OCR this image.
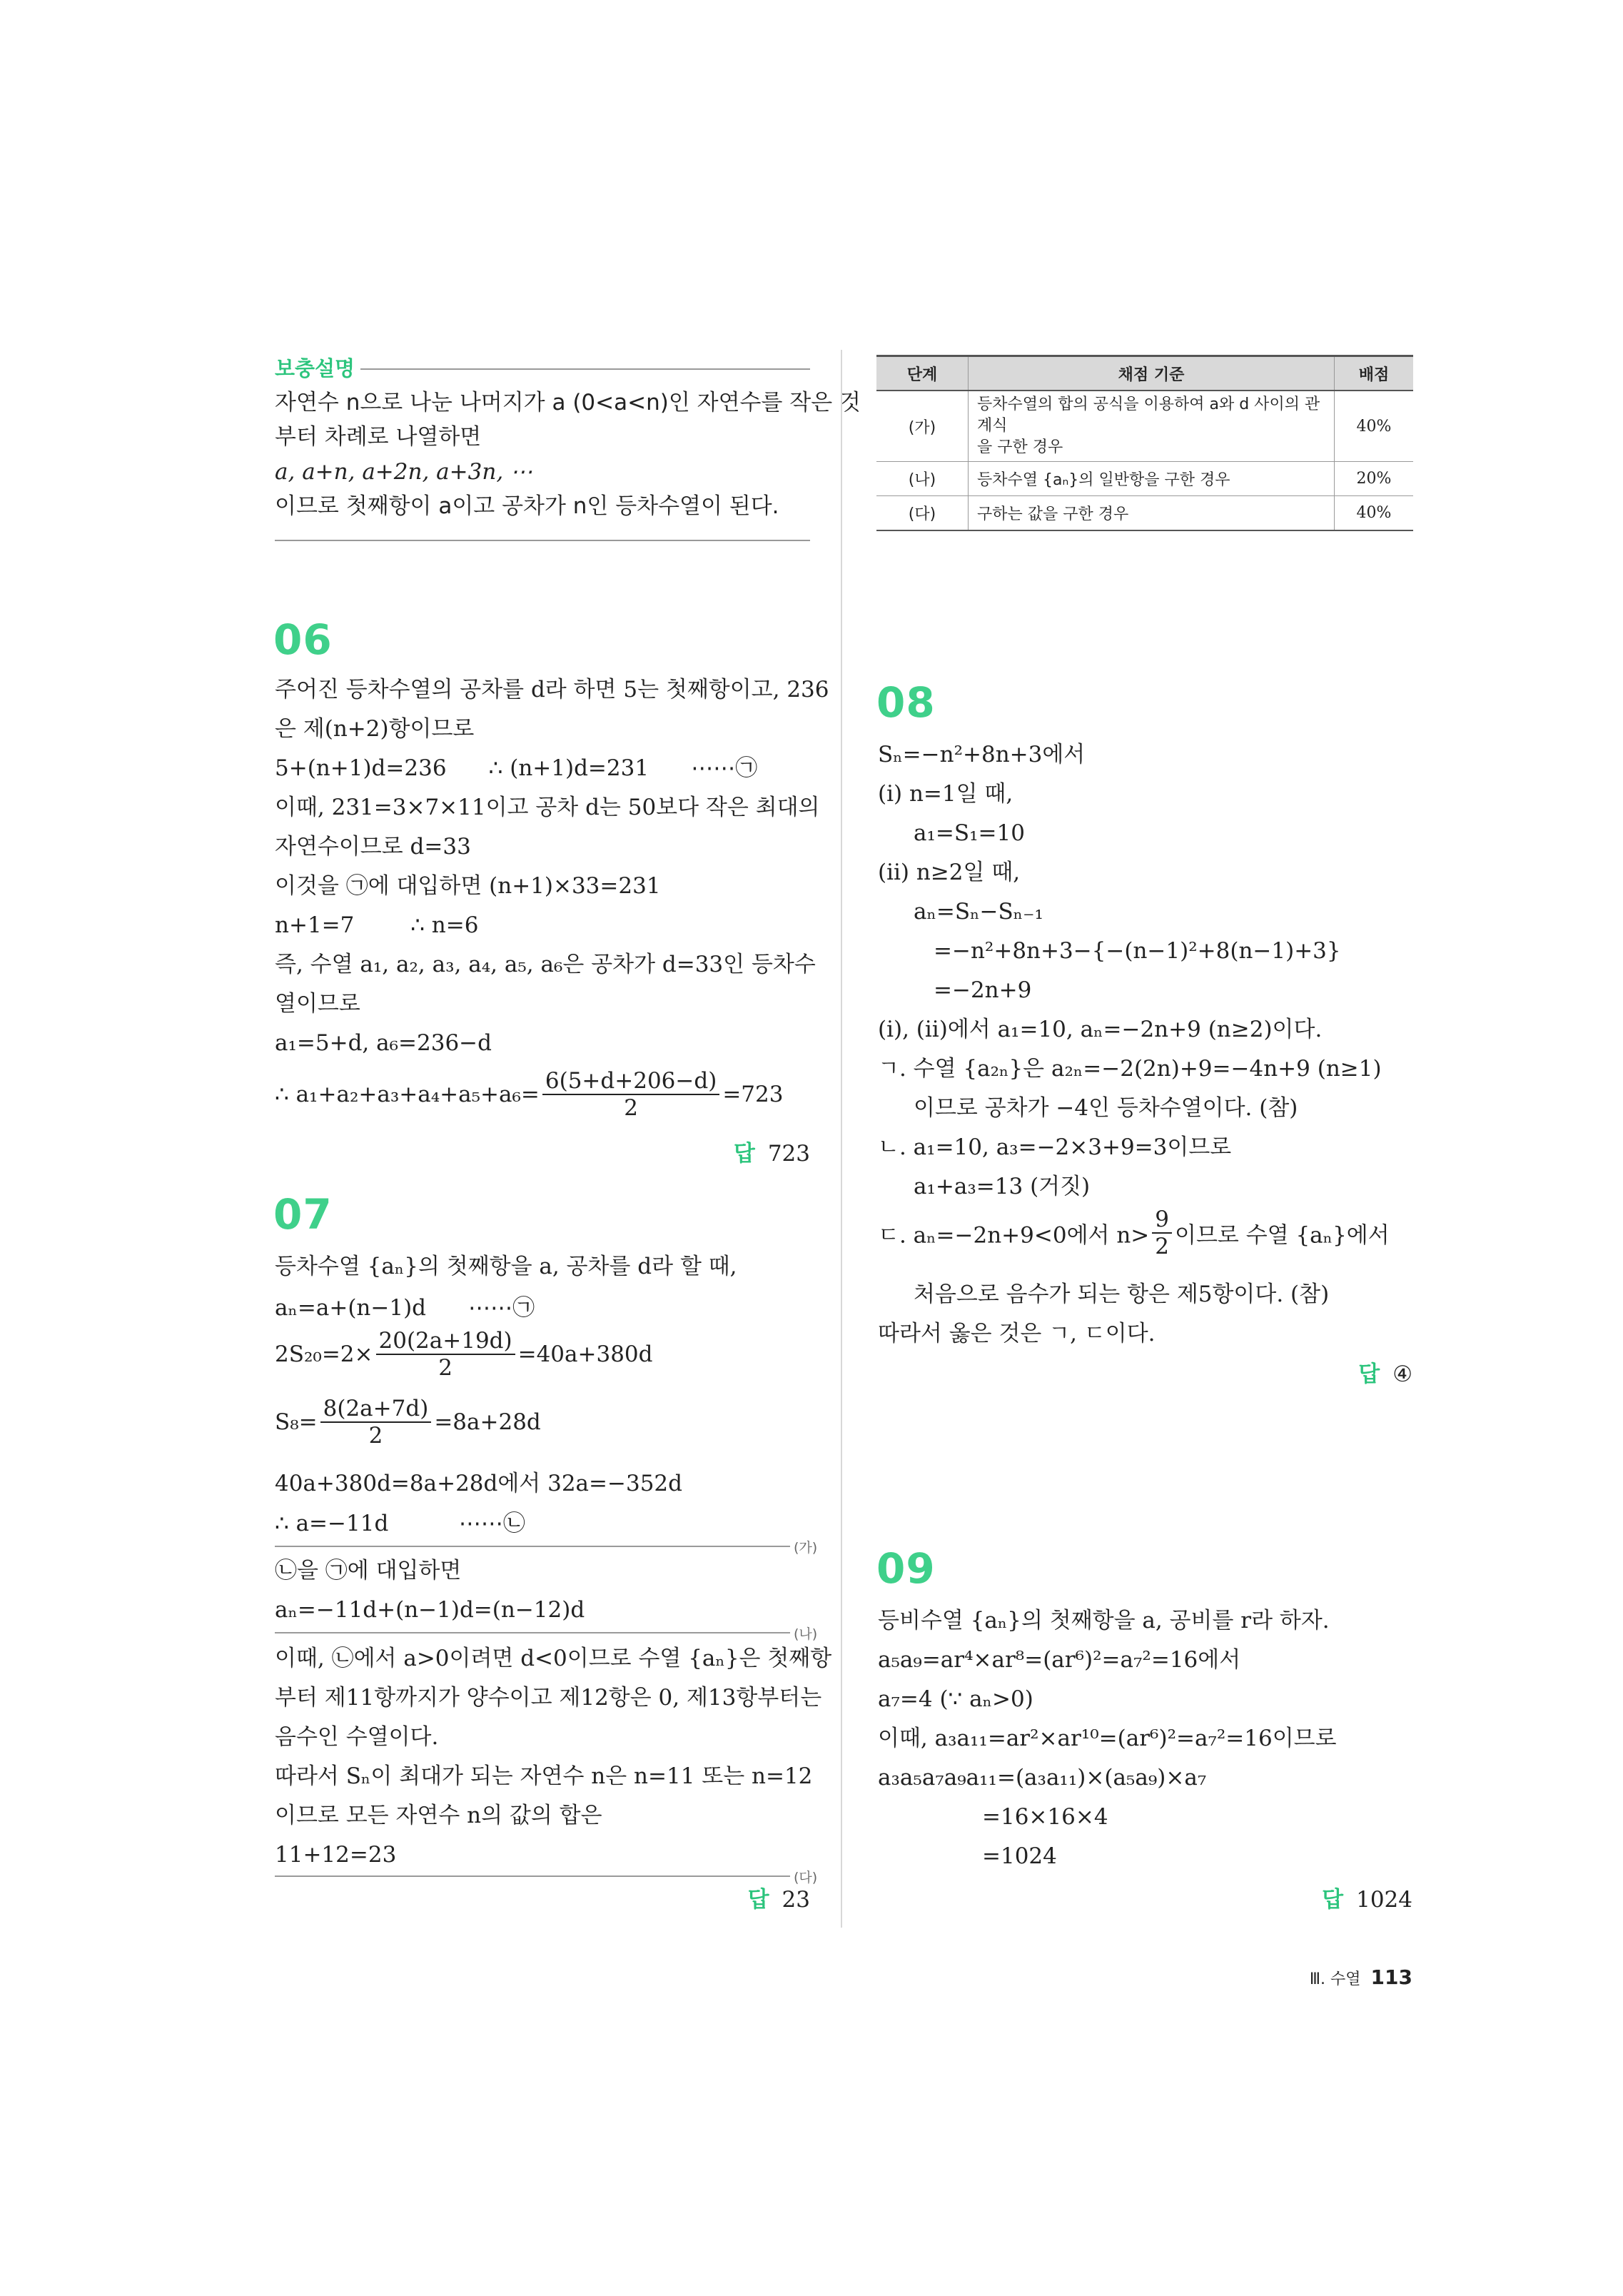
보충설명
자연수 n으로 나눈 나머지가 a (0<a<n)인 자연수를 작은 것
부터 차례로 나열하면
a, a+n, a+2n, a+3n, ⋯
이므로 첫째항이 a이고 공차가 n인 등차수열이 된다.
06
주어진 등차수열의 공차를 d라 하면 5는 첫째항이고, 236
은 제(n+2)항이므로
5+(n+1)d=236      ∴ (n+1)d=231      ⋯⋯㉠
이때, 231=3×7×11이고 공차 d는 50보다 작은 최대의
자연수이므로 d=33
이것을 ㉠에 대입하면 (n+1)×33=231
n+1=7        ∴ n=6
즉, 수열 a₁, a₂, a₃, a₄, a₅, a₆은 공차가 d=33인 등차수
열이므로
a₁=5+d, a₆=236−d
∴ $a_1+a_2+a_3+a_4+a_5+a_6= \frac{6(5+d+206-d)}{2} =723$
답 723
07
등차수열 {aₙ}의 첫째항을 a, 공차를 d라 할 때,
aₙ=a+(n−1)d      ⋯⋯㉠
$2S_{20}=2\times \frac{20(2a+19d)}{2} =40a+380d$
$S_8= \frac{8(2a+7d)}{2} =8a+28d$
40a+380d=8a+28d에서 32a=−352d
∴ a=−11d          ⋯⋯㉡
(가)
㉡을 ㉠에 대입하면
aₙ=−11d+(n−1)d=(n−12)d
(나)
이때, ㉡에서 a>0이려면 d<0이므로 수열 {aₙ}은 첫째항
부터 제11항까지가 양수이고 제12항은 0, 제13항부터는
음수인 수열이다.
따라서 Sₙ이 최대가 되는 자연수 n은 n=11 또는 n=12
이므로 모든 자연수 n의 값의 합은
11+12=23
(다)
답 23
단계	채점 기준	배점
(가)	등차수열의 합의 공식을 이용하여 a와 d 사이의 관계식
을 구한 경우	40%
(나)	등차수열 {aₙ}의 일반항을 구한 경우	20%
(다)	구하는 값을 구한 경우	40%
08
Sₙ=−n²+8n+3에서
(ⅰ) n=1일 때,
a₁=S₁=10
(ⅱ) n≥2일 때,
aₙ=Sₙ−Sₙ₋₁
=−n²+8n+3−{−(n−1)²+8(n−1)+3}
=−2n+9
(ⅰ), (ⅱ)에서 a₁=10, aₙ=−2n+9 (n≥2)이다.
ㄱ. 수열 {a₂ₙ}은 a₂ₙ=−2(2n)+9=−4n+9 (n≥1)
이므로 공차가 −4인 등차수열이다. (참)
ㄴ. a₁=10, a₃=−2×3+9=3이므로
a₁+a₃=13 (거짓)
ㄷ. aₙ=−2n+9<0에서 $n> \frac{9}{2}$ 이므로 수열 {aₙ}에서
처음으로 음수가 되는 항은 제5항이다. (참)
따라서 옳은 것은 ㄱ, ㄷ이다.
답 ④
09
등비수열 {aₙ}의 첫째항을 a, 공비를 r라 하자.
a₅a₉=ar⁴×ar⁸=(ar⁶)²=a₇²=16에서
a₇=4 (∵ aₙ>0)
이때, a₃a₁₁=ar²×ar¹⁰=(ar⁶)²=a₇²=16이므로
a₃a₅a₇a₉a₁₁=(a₃a₁₁)×(a₅a₉)×a₇
=16×16×4
=1024
답 1024
Ⅲ. 수열 113
